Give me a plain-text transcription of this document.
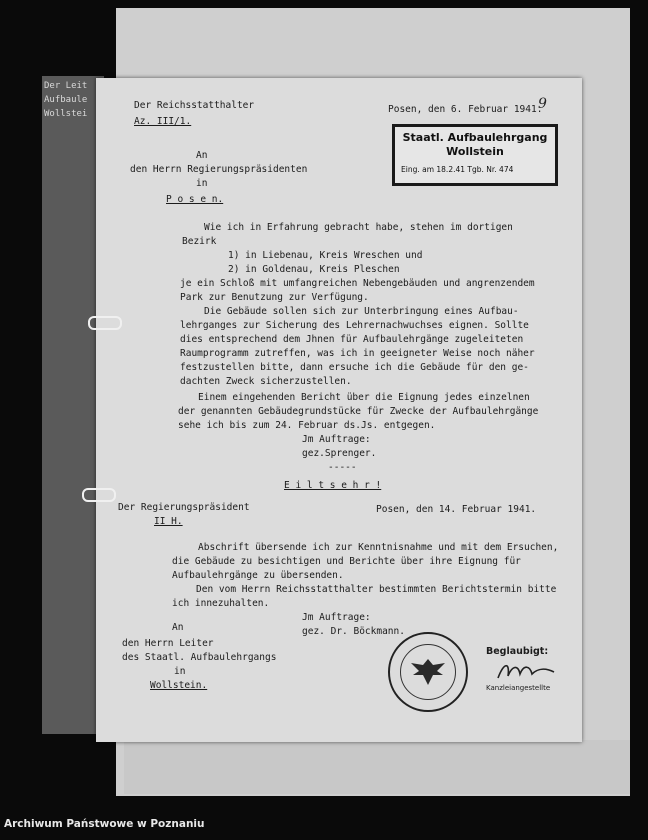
Der Leit
Aufbaule
Wollstei
Der Reichsstatthalter
Az. III/1.
Posen, den 6. Februar 1941.
9
Staatl. Aufbaulehrgang
Wollstein
Eing. am 18.2.41 Tgb. Nr. 474
An
den Herrn Regierungspräsidenten
in
P o s e n.
Wie ich in Erfahrung gebracht habe, stehen im dortigen
Bezirk
1) in Liebenau, Kreis Wreschen und
2) in Goldenau, Kreis Pleschen
je ein Schloß mit umfangreichen Nebengebäuden und angrenzendem
Park zur Benutzung zur Verfügung.
Die Gebäude sollen sich zur Unterbringung eines Aufbau-
lehrganges zur Sicherung des Lehrernachwuchses eignen. Sollte
dies entsprechend dem Jhnen für Aufbaulehrgänge zugeleiteten
Raumprogramm zutreffen, was ich in geeigneter Weise noch näher
festzustellen bitte, dann ersuche ich die Gebäude für den ge-
dachten Zweck sicherzustellen.
Einem eingehenden Bericht über die Eignung jedes einzelnen
der genannten Gebäudegrundstücke für Zwecke der Aufbaulehrgänge
sehe ich bis zum 24. Februar ds.Js. entgegen.
Jm Auftrage:
gez.Sprenger.
-----
E i l t s e h r !
Der Regierungspräsident
II H.
Posen, den 14. Februar 1941.
Abschrift übersende ich zur Kenntnisnahme und mit dem Ersuchen,
die Gebäude zu besichtigen und Berichte über ihre Eignung für
Aufbaulehrgänge zu übersenden.
Den vom Herrn Reichsstatthalter bestimmten Berichtstermin bitte
ich innezuhalten.
Jm Auftrage:
gez. Dr. Böckmann.
An
den Herrn Leiter
des Staatl. Aufbaulehrgangs
in
Wollstein.
Beglaubigt:
Kanzleiangestellte
Archiwum Państwowe w Poznaniu
